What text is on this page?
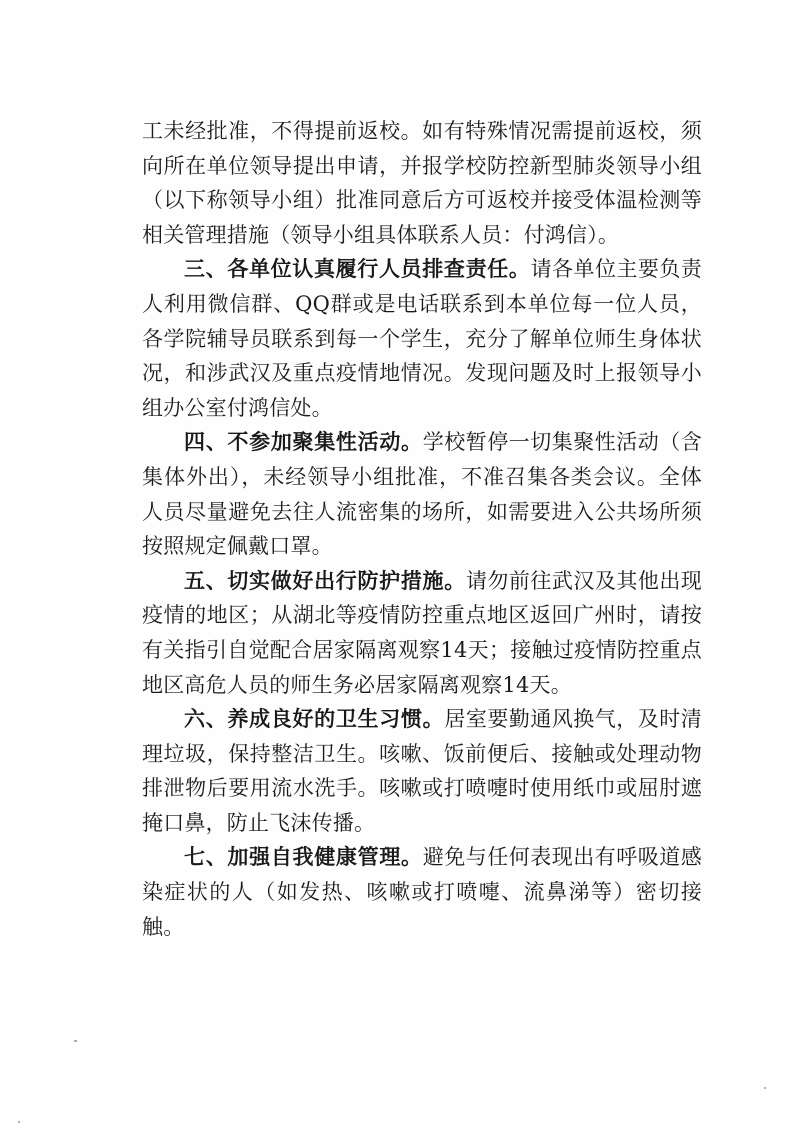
工未经批准，不得提前返校。如有特殊情况需提前返校，须向所在单位领导提出申请，并报学校防控新型肺炎领导小组（以下称领导小组）批准同意后方可返校并接受体温检测等相关管理措施（领导小组具体联系人员：付鸿信）。

三、各单位认真履行人员排查责任。请各单位主要负责人利用微信群、QQ群或是电话联系到本单位每一位人员，各学院辅导员联系到每一个学生，充分了解单位师生身体状况，和涉武汉及重点疫情地情况。发现问题及时上报领导小组办公室付鸿信处。

四、不参加聚集性活动。学校暂停一切集聚性活动（含集体外出），未经领导小组批准，不准召集各类会议。全体人员尽量避免去往人流密集的场所，如需要进入公共场所须按照规定佩戴口罩。

五、切实做好出行防护措施。请勿前往武汉及其他出现疫情的地区；从湖北等疫情防控重点地区返回广州时，请按有关指引自觉配合居家隔离观察14天；接触过疫情防控重点地区高危人员的师生务必居家隔离观察14天。

六、养成良好的卫生习惯。居室要勤通风换气，及时清理垃圾，保持整洁卫生。咳嗽、饭前便后、接触或处理动物排泄物后要用流水洗手。咳嗽或打喷嚏时使用纸巾或屈肘遮掩口鼻，防止飞沫传播。

七、加强自我健康管理。避免与任何表现出有呼吸道感染症状的人（如发热、咳嗽或打喷嚏、流鼻涕等）密切接触。
